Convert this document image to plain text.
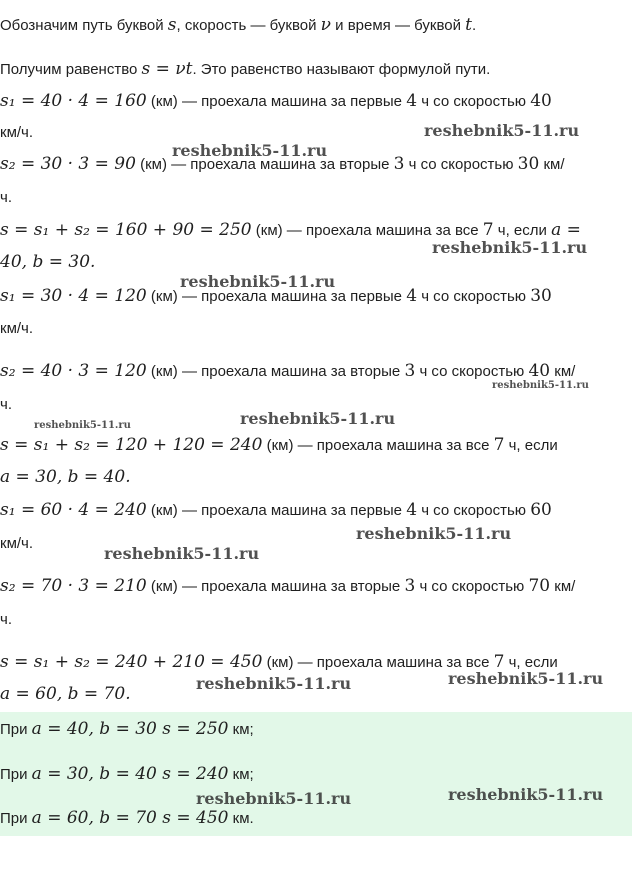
Обозначим путь буквой s, скорость — буквой ν и время — буквой t.
Получим равенство s = νt. Это равенство называют формулой пути.
s₁ = 40 · 4 = 160 (км) — проехала машина за первые 4 ч со скоростью 40
км/ч.
s₂ = 30 · 3 = 90 (км) — проехала машина за вторые 3 ч со скоростью 30 км/
ч.
s = s₁ + s₂ = 160 + 90 = 250 (км) — проехала машина за все 7 ч, если a =
40, b = 30.
s₁ = 30 · 4 = 120 (км) — проехала машина за первые 4 ч со скоростью 30
км/ч.
s₂ = 40 · 3 = 120 (км) — проехала машина за вторые 3 ч со скоростью 40 км/
ч.
s = s₁ + s₂ = 120 + 120 = 240 (км) — проехала машина за все 7 ч, если
a = 30, b = 40.
s₁ = 60 · 4 = 240 (км) — проехала машина за первые 4 ч со скоростью 60
км/ч.
s₂ = 70 · 3 = 210 (км) — проехала машина за вторые 3 ч со скоростью 70 км/
ч.
s = s₁ + s₂ = 240 + 210 = 450 (км) — проехала машина за все 7 ч, если
a = 60, b = 70.
При a = 40, b = 30 s = 250 км;
При a = 30, b = 40 s = 240 км;
При a = 60, b = 70 s = 450 км.
reshebnik5-11.ru
reshebnik5-11.ru
reshebnik5-11.ru
reshebnik5-11.ru
reshebnik5-11.ru
reshebnik5-11.ru
reshebnik5-11.ru
reshebnik5-11.ru
reshebnik5-11.ru
reshebnik5-11.ru
reshebnik5-11.ru
reshebnik5-11.ru
reshebnik5-11.ru
